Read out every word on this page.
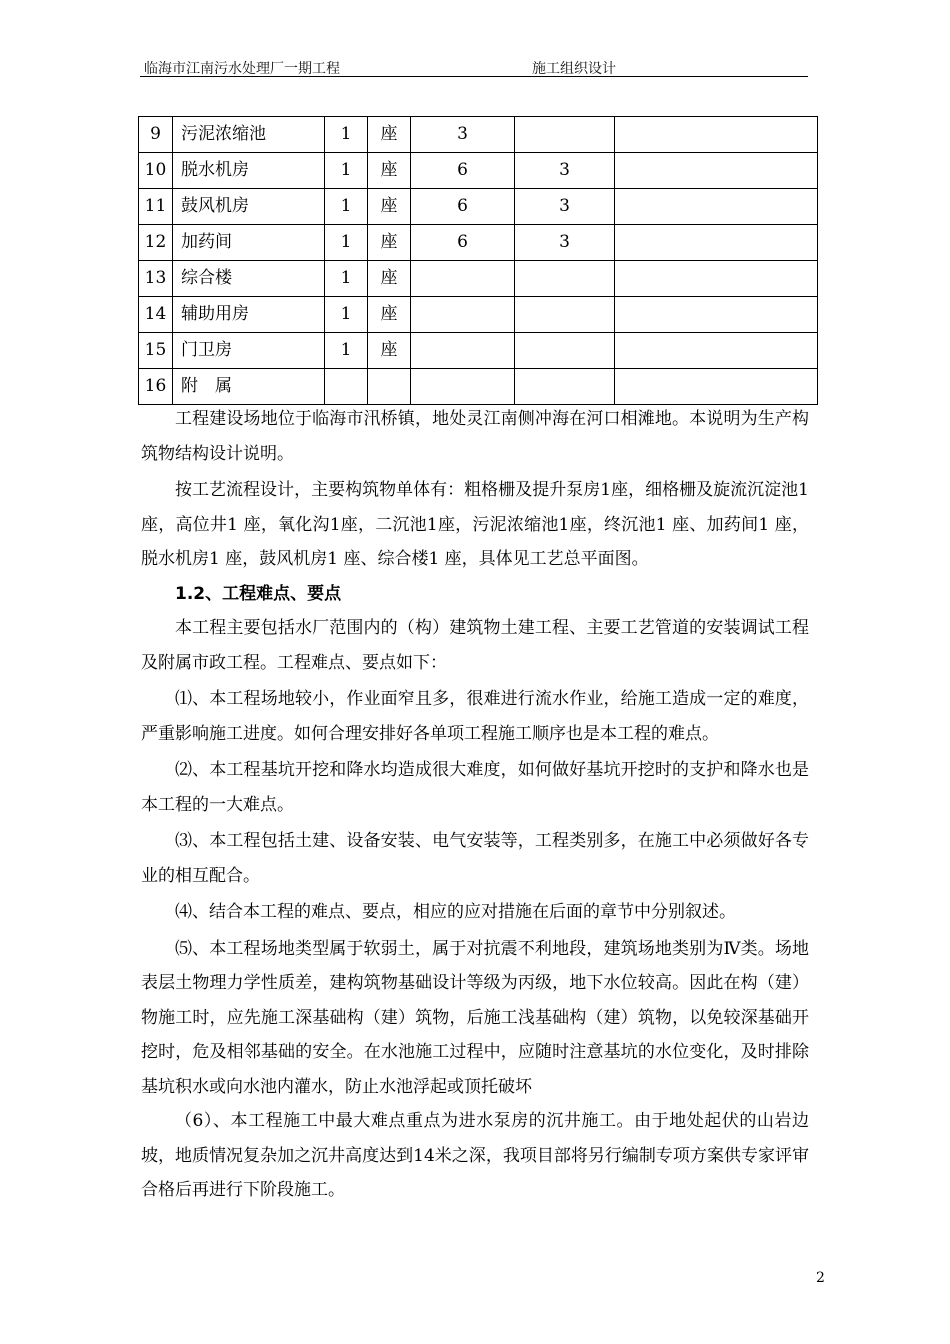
临海市江南污水处理厂一期工程	施工组织设计
9	污泥浓缩池	1	座	3		
10	脱水机房	1	座	6	3	
11	鼓风机房	1	座	6	3	
12	加药间	1	座	6	3	
13	综合楼	1	座			
14	辅助用房	1	座			
15	门卫房	1	座			
16	附　属					

工程建设场地位于临海市汛桥镇，地处灵江南侧冲海在河口相滩地。本说明为生产构筑物结构设计说明。

按工艺流程设计，主要构筑物单体有：粗格栅及提升泵房1座，细格栅及旋流沉淀池1 座，高位井1 座，氧化沟1座，二沉池1座，污泥浓缩池1座，终沉池1 座、加药间1 座，脱水机房1 座，鼓风机房1 座、综合楼1 座，具体见工艺总平面图。

1.2、工程难点、要点

本工程主要包括水厂范围内的（构）建筑物土建工程、主要工艺管道的安装调试工程及附属市政工程。工程难点、要点如下：

⑴、本工程场地较小，作业面窄且多，很难进行流水作业，给施工造成一定的难度，严重影响施工进度。如何合理安排好各单项工程施工顺序也是本工程的难点。

⑵、本工程基坑开挖和降水均造成很大难度，如何做好基坑开挖时的支护和降水也是本工程的一大难点。

⑶、本工程包括土建、设备安装、电气安装等，工程类别多，在施工中必须做好各专业的相互配合。

⑷、结合本工程的难点、要点，相应的应对措施在后面的章节中分别叙述。

⑸、本工程场地类型属于软弱土，属于对抗震不利地段，建筑场地类别为Ⅳ类。场地表层土物理力学性质差，建构筑物基础设计等级为丙级，地下水位较高。因此在构（建）物施工时，应先施工深基础构（建）筑物，后施工浅基础构（建）筑物，以免较深基础开挖时，危及相邻基础的安全。在水池施工过程中，应随时注意基坑的水位变化，及时排除基坑积水或向水池内灌水，防止水池浮起或顶托破坏

（6）、本工程施工中最大难点重点为进水泵房的沉井施工。由于地处起伏的山岩边坡，地质情况复杂加之沉井高度达到14米之深，我项目部将另行编制专项方案供专家评审合格后再进行下阶段施工。

2
